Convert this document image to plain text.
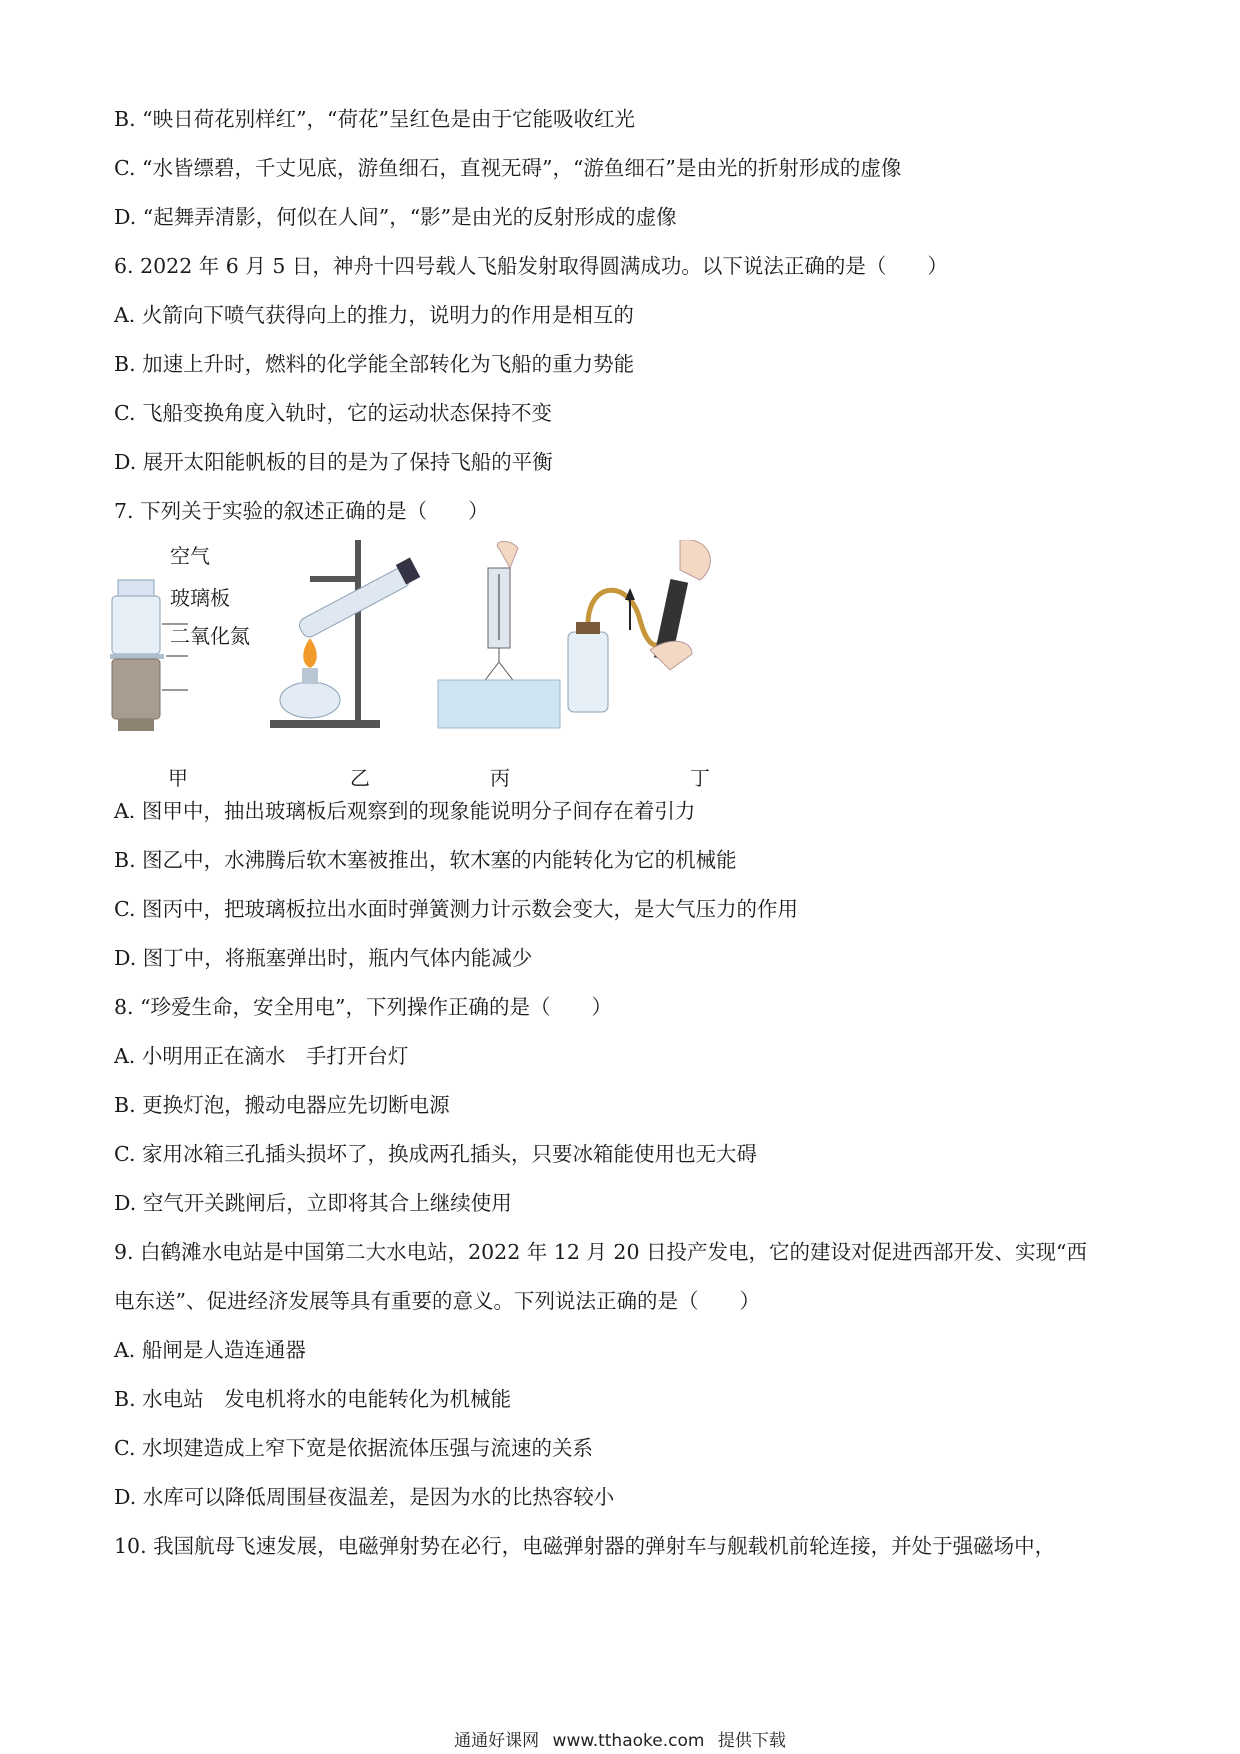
B. “映日荷花别样红”，“荷花”呈红色是由于它能吸收红光
C. “水皆缥碧，千丈见底，游鱼细石，直视无碍”，“游鱼细石”是由光的折射形成的虚像
D. “起舞弄清影，何似在人间”，“影”是由光的反射形成的虚像
6. 2022 年 6 月 5 日，神舟十四号载人飞船发射取得圆满成功。以下说法正确的是（　　）
A. 火箭向下喷气获得向上的推力，说明力的作用是相互的
B. 加速上升时，燃料的化学能全部转化为飞船的重力势能
C. 飞船变换角度入轨时，它的运动状态保持不变
D. 展开太阳能帆板的目的是为了保持飞船的平衡
7. 下列关于实验的叙述正确的是（　　）
空气
玻璃板
二氧化氮
甲	乙	丙	丁
A. 图甲中，抽出玻璃板后观察到的现象能说明分子间存在着引力
B. 图乙中，水沸腾后软木塞被推出，软木塞的内能转化为它的机械能
C. 图丙中，把玻璃板拉出水面时弹簧测力计示数会变大，是大气压力的作用
D. 图丁中，将瓶塞弹出时，瓶内气体内能减少
8. “珍爱生命，安全用电”，下列操作正确的是（　　）
A. 小明用正在滴水　手打开台灯
B. 更换灯泡，搬动电器应先切断电源
C. 家用冰箱三孔插头损坏了，换成两孔插头，只要冰箱能使用也无大碍
D. 空气开关跳闸后，立即将其合上继续使用
9. 白鹤滩水电站是中国第二大水电站，2022 年 12 月 20 日投产发电，它的建设对促进西部开发、实现“西
电东送”、促进经济发展等具有重要的意义。下列说法正确的是（　　）
A. 船闸是人造连通器
B. 水电站　发电机将水的电能转化为机械能
C. 水坝建造成上窄下宽是依据流体压强与流速的关系
D. 水库可以降低周围昼夜温差，是因为水的比热容较小
10. 我国航母飞速发展，电磁弹射势在必行，电磁弹射器的弹射车与舰载机前轮连接，并处于强磁场中，
通通好课网 www.tthaoke.com 提供下载
